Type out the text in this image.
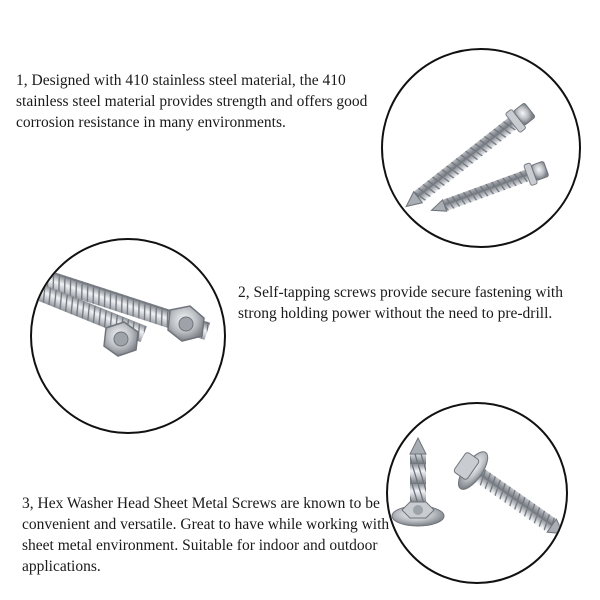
1, Designed with 410 stainless steel material, the 410 stainless steel material provides strength and offers good corrosion resistance in many environments.

2, Self-tapping screws provide secure fastening with strong holding power without the need to pre-drill.

3, Hex Washer Head Sheet Metal Screws are known to be convenient and versatile. Great to have while working with sheet metal environment. Suitable for indoor and outdoor applications.
